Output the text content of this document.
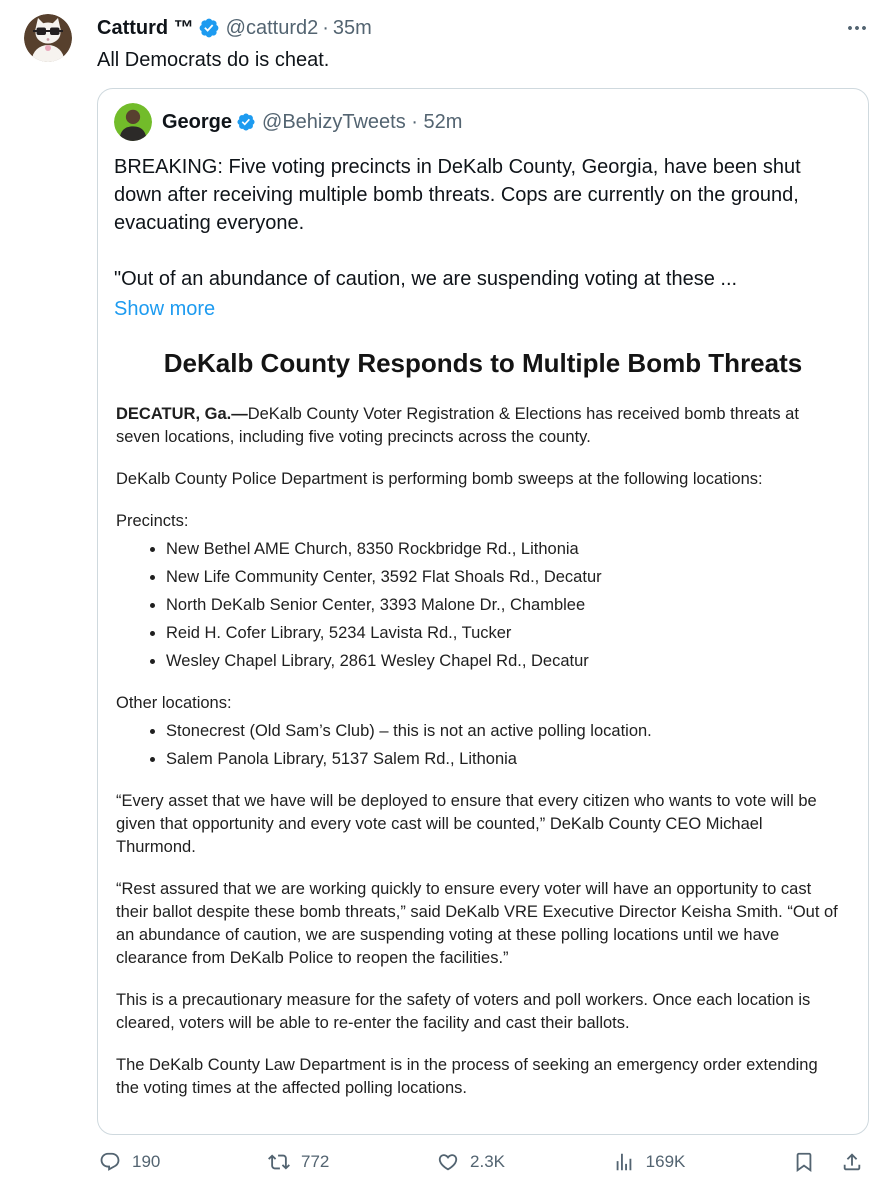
Catturd ™ @catturd2 · 35m
All Democrats do is cheat.
George @BehizyTweets · 52m

BREAKING: Five voting precincts in DeKalb County, Georgia, have been shut down after receiving multiple bomb threats. Cops are currently on the ground, evacuating everyone.

"Out of an abundance of caution, we are suspending voting at these ...

Show more
DeKalb County Responds to Multiple Bomb Threats

DECATUR, Ga.—DeKalb County Voter Registration & Elections has received bomb threats at seven locations, including five voting precincts across the county.

DeKalb County Police Department is performing bomb sweeps at the following locations:

Precincts:

• New Bethel AME Church, 8350 Rockbridge Rd., Lithonia
• New Life Community Center, 3592 Flat Shoals Rd., Decatur
• North DeKalb Senior Center, 3393 Malone Dr., Chamblee
• Reid H. Cofer Library, 5234 Lavista Rd., Tucker
• Wesley Chapel Library, 2861 Wesley Chapel Rd., Decatur

Other locations:

• Stonecrest (Old Sam’s Club) – this is not an active polling location.
• Salem Panola Library, 5137 Salem Rd., Lithonia

“Every asset that we have will be deployed to ensure that every citizen who wants to vote will be given that opportunity and every vote cast will be counted,” DeKalb County CEO Michael Thurmond.

“Rest assured that we are working quickly to ensure every voter will have an opportunity to cast their ballot despite these bomb threats,” said DeKalb VRE Executive Director Keisha Smith. “Out of an abundance of caution, we are suspending voting at these polling locations until we have clearance from DeKalb Police to reopen the facilities.”

This is a precautionary measure for the safety of voters and poll workers. Once each location is cleared, voters will be able to re-enter the facility and cast their ballots.

The DeKalb County Law Department is in the process of seeking an emergency order extending the voting times at the affected polling locations.

190	772	2.3K	169K
